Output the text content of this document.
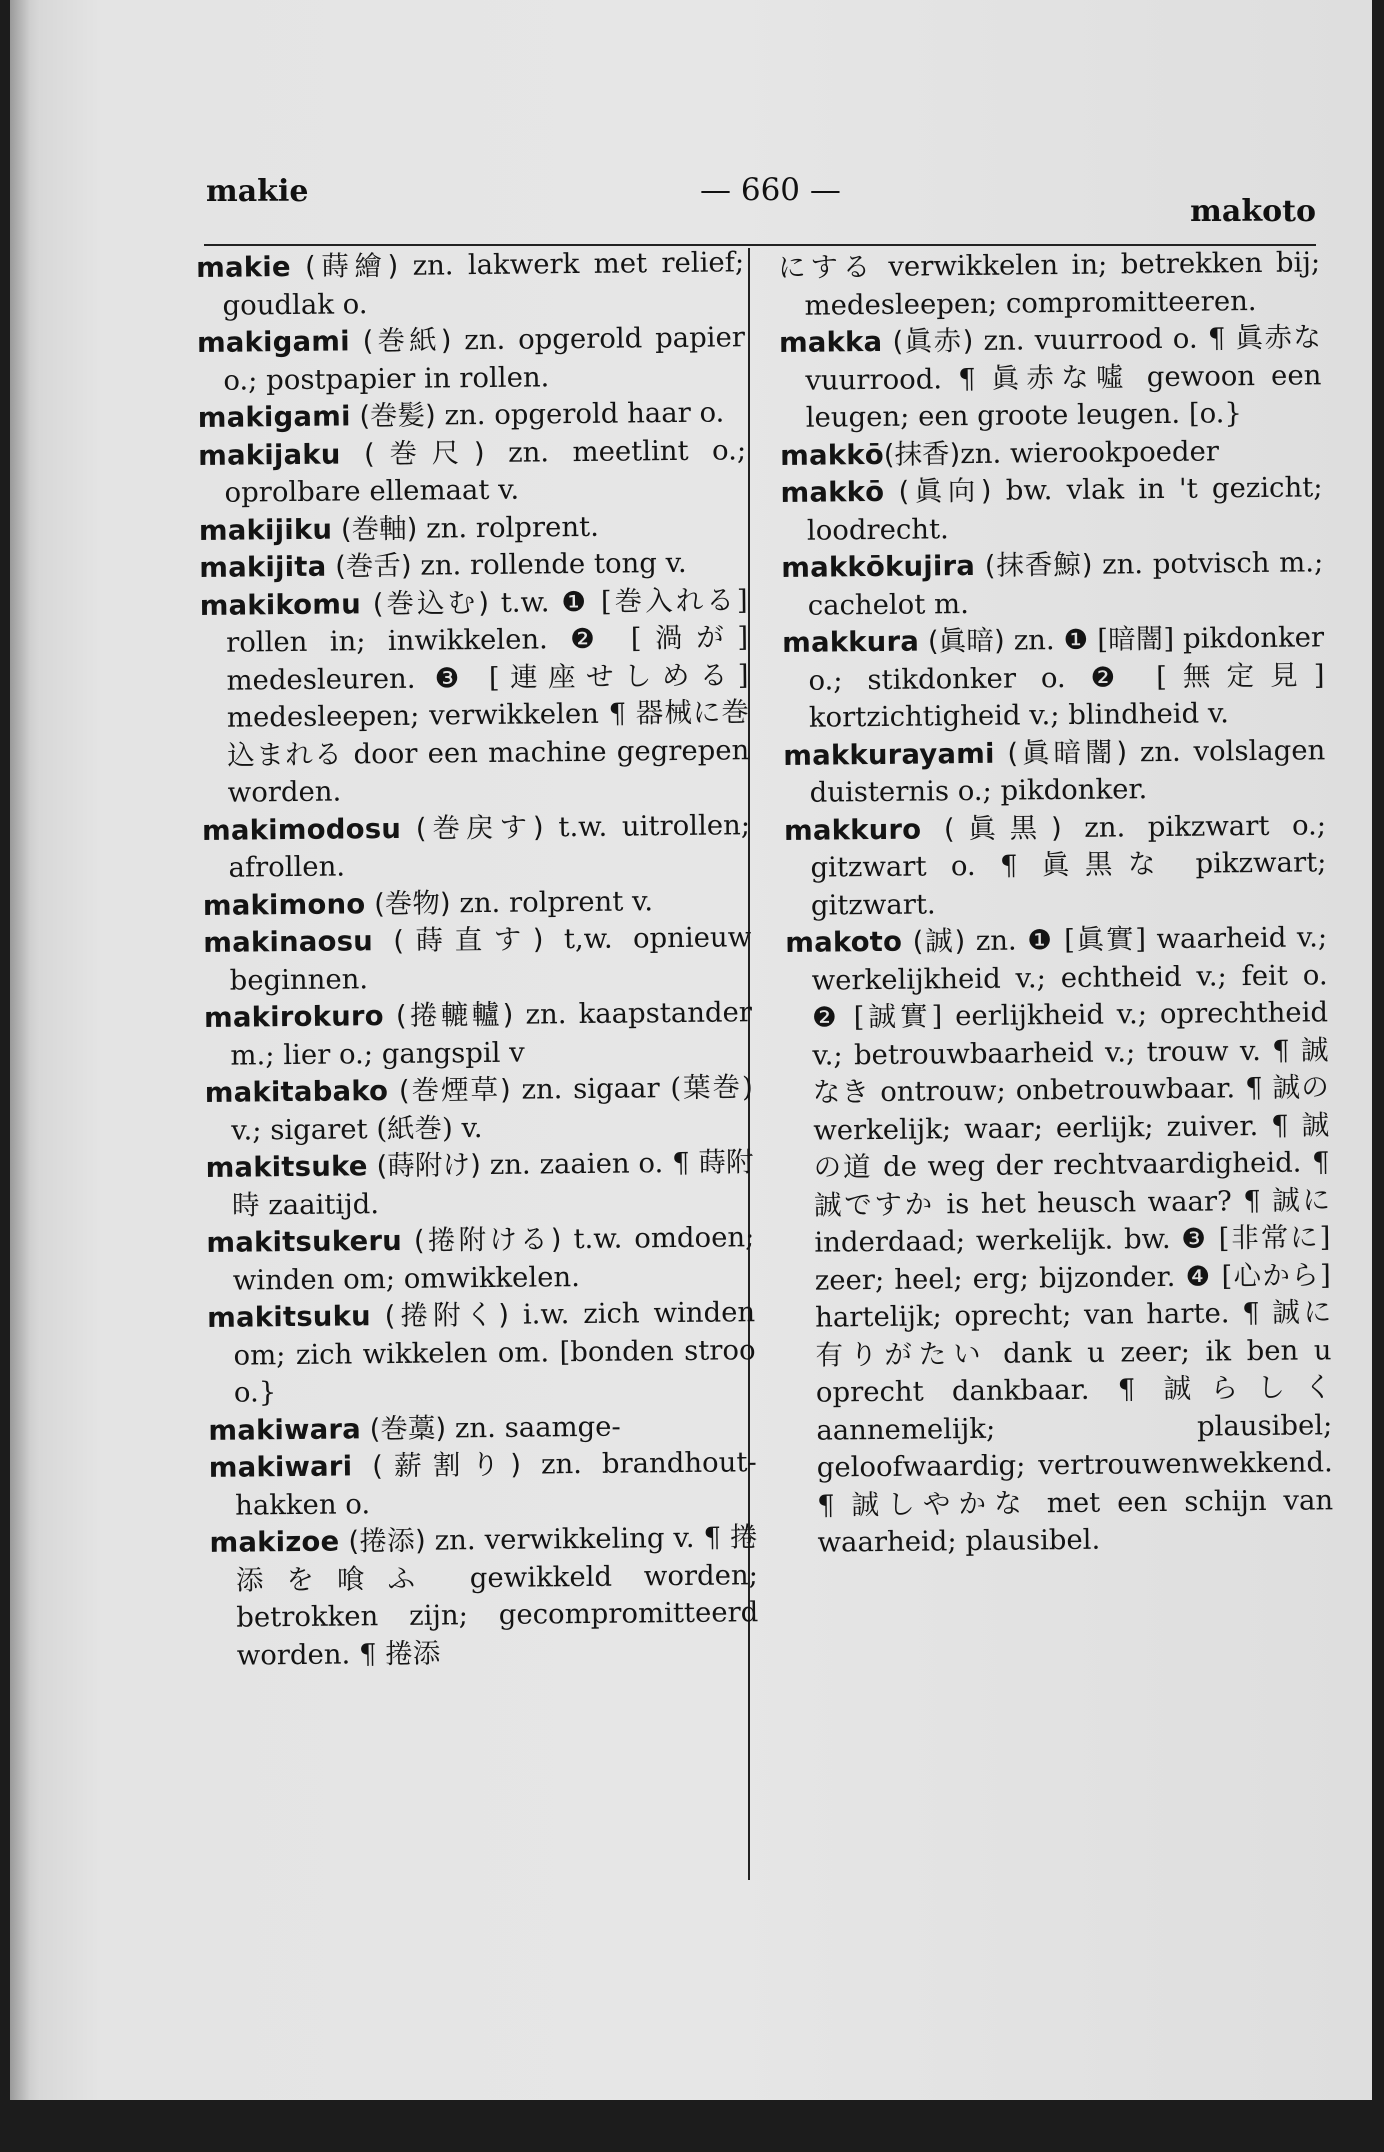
makie	— 660 —
makoto

makie (蒔繪) zn. lakwerk met relief; goudlak o.

makigami (巻紙) zn. opgerold papier o.; postpapier in rollen.

makigami (巻髪) zn. opgerold haar o.

makijaku (巻尺) zn. meetlint o.; oprolbare ellemaat v.

makijiku (巻軸) zn. rolprent.

makijita (巻舌) zn. rollende tong v.

makikomu (巻込む) t.w. ❶ [巻入れる] rollen in; inwikkelen. ❷ [渦が] medesleuren. ❸ [連座せしめる] medesleepen; verwikkelen ¶ 器械に巻込まれる door een machine gegrepen worden.

makimodosu (巻戻す) t.w. uitrollen; afrollen.

makimono (巻物) zn. rolprent v.

makinaosu (蒔直す) t,w. opnieuw beginnen.

makirokuro (捲轆轤) zn. kaapstander m.; lier o.; gangspil v

makitabako (巻煙草) zn. sigaar (葉巻) v.; sigaret (紙巻) v.

makitsuke (蒔附け) zn. zaaien o. ¶ 蒔附時 zaaitijd.

makitsukeru (捲附ける) t.w. omdoen; winden om; omwikkelen.

makitsuku (捲附く) i.w. zich winden om; zich wikkelen om. [bonden stroo o.}

makiwara (巻藁) zn. saamge-

makiwari (薪割り) zn. brandhout-hakken o.

makizoe (捲添) zn. verwikkeling v. ¶ 捲添を喰ふ gewikkeld worden; betrokken zijn; gecompromitteerd worden. ¶ 捲添

にする verwikkelen in; betrekken bij; medesleepen; compromitteeren.

makka (眞赤) zn. vuurrood o. ¶ 眞赤な vuurrood. ¶ 眞赤な噓 gewoon een leugen; een groote leugen. [o.}

makkō(抹香)zn. wierookpoeder

makkō (眞向) bw. vlak in 't gezicht; loodrecht.

makkōkujira (抹香鯨) zn. potvisch m.; cachelot m.

makkura (眞暗) zn. ❶ [暗闇] pikdonker o.; stikdonker o. ❷ [無定見] kortzichtigheid v.; blindheid v.

makkurayami (眞暗闇) zn. volslagen duisternis o.; pikdonker.

makkuro (眞黒) zn. pikzwart o.; gitzwart o. ¶ 眞黒な pikzwart; gitzwart.

makoto (誠) zn. ❶ [眞實] waarheid v.; werkelijkheid v.; echtheid v.; feit o. ❷ [誠實] eerlijkheid v.; oprechtheid v.; betrouwbaarheid v.; trouw v. ¶ 誠なき ontrouw; onbetrouwbaar. ¶ 誠の werkelijk; waar; eerlijk; zuiver. ¶ 誠の道 de weg der rechtvaardigheid. ¶ 誠ですか is het heusch waar? ¶ 誠に inderdaad; werkelijk. bw. ❸ [非常に] zeer; heel; erg; bijzonder. ❹ [心から] hartelijk; oprecht; van harte. ¶ 誠に有りがたい dank u zeer; ik ben u oprecht dankbaar. ¶ 誠らしく aannemelijk; plausibel; geloofwaardig; vertrouwenwekkend. ¶ 誠しやかな met een schijn van waarheid; plausibel.
